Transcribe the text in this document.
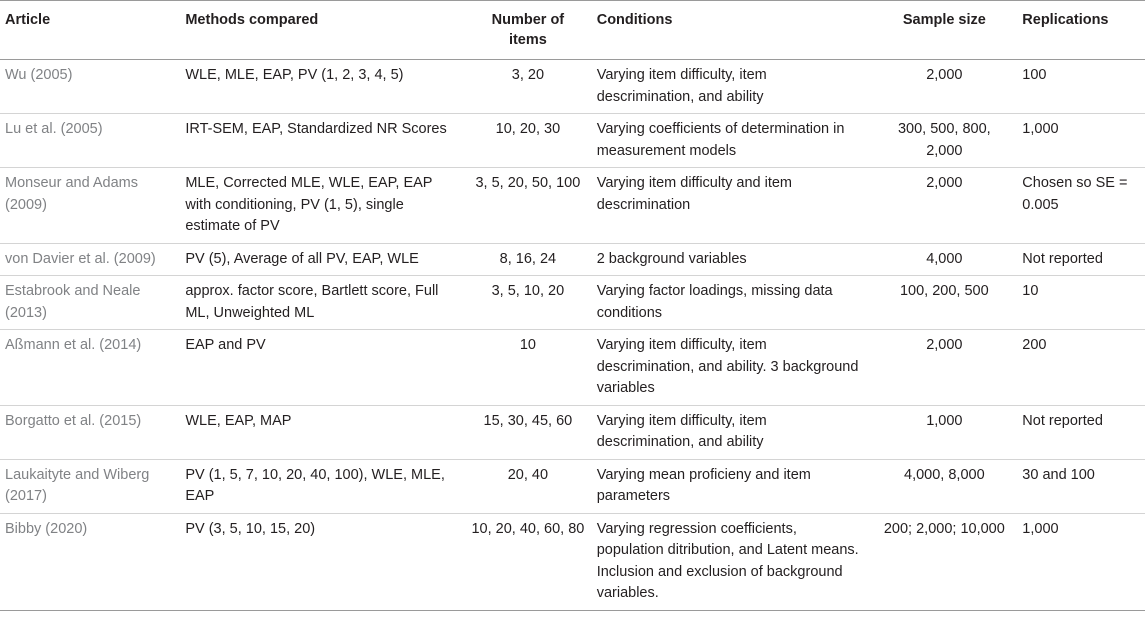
Article	Methods compared	Number of items	Conditions	Sample size	Replications
Wu (2005)	WLE, MLE, EAP, PV (1, 2, 3, 4, 5)	3, 20	Varying item difficulty, item descrimination, and ability	2,000	100
Lu et al. (2005)	IRT-SEM, EAP, Standardized NR Scores	10, 20, 30	Varying coefficients of determination in measurement models	300, 500, 800, 2,000	1,000
Monseur and Adams (2009)	MLE, Corrected MLE, WLE, EAP, EAP with conditioning, PV (1, 5), single estimate of PV	3, 5, 20, 50, 100	Varying item difficulty and item descrimination	2,000	Chosen so SE = 0.005
von Davier et al. (2009)	PV (5), Average of all PV, EAP, WLE	8, 16, 24	2 background variables	4,000	Not reported
Estabrook and Neale (2013)	approx. factor score, Bartlett score, Full ML, Unweighted ML	3, 5, 10, 20	Varying factor loadings, missing data conditions	100, 200, 500	10
Aßmann et al. (2014)	EAP and PV	10	Varying item difficulty, item descrimination, and ability. 3 background variables	2,000	200
Borgatto et al. (2015)	WLE, EAP, MAP	15, 30, 45, 60	Varying item difficulty, item descrimination, and ability	1,000	Not reported
Laukaityte and Wiberg (2017)	PV (1, 5, 7, 10, 20, 40, 100), WLE, MLE, EAP	20, 40	Varying mean proficieny and item parameters	4,000, 8,000	30 and 100
Bibby (2020)	PV (3, 5, 10, 15, 20)	10, 20, 40, 60, 80	Varying regression coefficients, population ditribution, and Latent means. Inclusion and exclusion of background variables.	200; 2,000; 10,000	1,000
